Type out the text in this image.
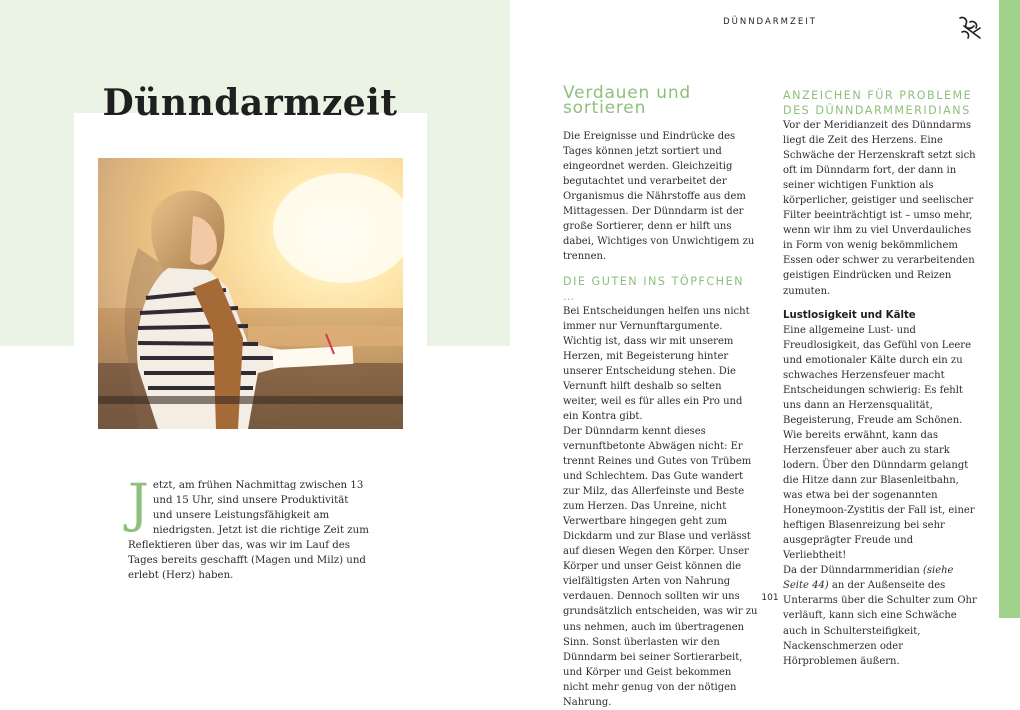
Dünndarmzeit
Jetzt, am frühen Nachmittag zwischen 13 und 15 Uhr, sind unsere Produktivität und unsere Leistungsfähigkeit am niedrigsten. Jetzt ist die richtige Zeit zum Reflektieren über das, was wir im Lauf des Tages bereits geschafft (Magen und Milz) und erlebt (Herz) haben.
DÜNNDARMZEIT
Verdauen und sortieren

Die Ereignisse und Eindrücke des Tages können jetzt sortiert und eingeordnet werden. Gleichzeitig begutachtet und verarbeitet der Organismus die Nährstoffe aus dem Mittagessen. Der Dünndarm ist der große Sortierer, denn er hilft uns dabei, Wichtiges von Unwichtigem zu trennen.

DIE GUTEN INS TÖPFCHEN …

Bei Entscheidungen helfen uns nicht immer nur Vernunftargumente. Wichtig ist, dass wir mit unserem Herzen, mit Begeisterung hinter unserer Entscheidung stehen. Die Vernunft hilft deshalb so selten weiter, weil es für alles ein Pro und ein Kontra gibt.

Der Dünndarm kennt dieses vernunftbetonte Abwägen nicht: Er trennt Reines und Gutes von Trübem und Schlechtem. Das Gute wandert zur Milz, das Allerfeinste und Beste zum Herzen. Das Unreine, nicht Verwertbare hingegen geht zum Dickdarm und zur Blase und verlässt auf diesen Wegen den Körper. Unser Körper und unser Geist können die vielfältigsten Arten von Nahrung verdauen. Dennoch sollten wir uns grundsätzlich entscheiden, was wir zu uns nehmen, auch im übertragenen Sinn. Sonst überlasten wir den Dünndarm bei seiner Sortierarbeit, und Körper und Geist bekommen nicht mehr genug von der nötigen Nahrung.

ANZEICHEN FÜR PROBLEME DES DÜNNDARMMERIDIANS

Vor der Meridianzeit des Dünndarms liegt die Zeit des Herzens. Eine Schwäche der Herzenskraft setzt sich oft im Dünndarm fort, der dann in seiner wichtigen Funktion als körperlicher, geistiger und seelischer Filter beeinträchtigt ist – umso mehr, wenn wir ihm zu viel Unverdauliches in Form von wenig bekömmlichem Essen oder schwer zu verarbeitenden geistigen Eindrücken und Reizen zumuten.

Lustlosigkeit und Kälte

Eine allgemeine Lust- und Freudlosigkeit, das Gefühl von Leere und emotionaler Kälte durch ein zu schwaches Herzensfeuer macht Entscheidungen schwierig: Es fehlt uns dann an Herzensqualität, Begeisterung, Freude am Schönen.

Wie bereits erwähnt, kann das Herzensfeuer aber auch zu stark lodern. Über den Dünndarm gelangt die Hitze dann zur Blasenleitbahn, was etwa bei der sogenannten Honeymoon-Zystitis der Fall ist, einer heftigen Blasenreizung bei sehr ausgeprägter Freude und Verliebtheit!

Da der Dünndarmmeridian (siehe Seite 44) an der Außenseite des Unterarms über die Schulter zum Ohr verläuft, kann sich eine Schwäche auch in Schultersteifigkeit, Nackenschmerzen oder Hörproblemen äußern.

101
